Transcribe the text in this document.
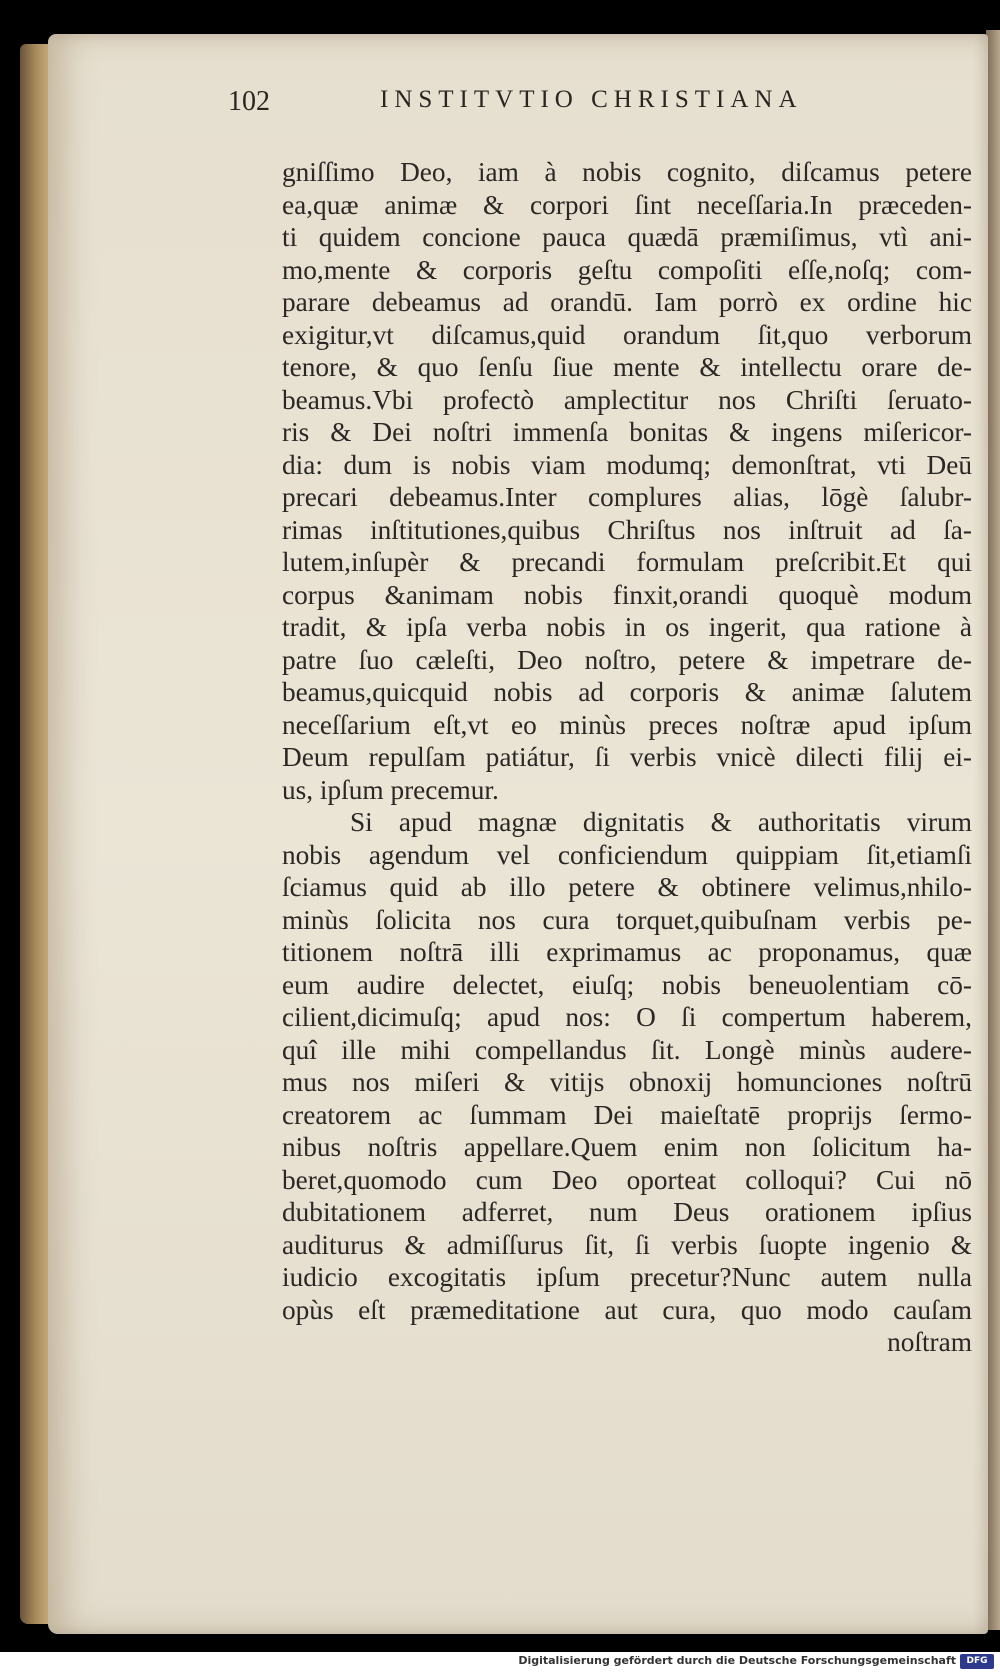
102	INSTITVTIO CHRISTIANA
gniſſimo Deo, iam à nobis cognito, diſcamus petere
ea,quæ animæ & corpori ſint neceſſaria.In præceden-
ti quidem concione pauca quædā præmiſimus, vtì ani-
mo,mente & corporis geſtu compoſiti eſſe,noſq; com-
parare debeamus ad orandū. Iam porrò ex ordine hic
exigitur,vt diſcamus,quid orandum ſit,quo verborum
tenore, & quo ſenſu ſiue mente & intellectu orare de-
beamus.Vbi profectò amplectitur nos Chriſti ſeruato-
ris & Dei noſtri immenſa bonitas & ingens miſericor-
dia: dum is nobis viam modumq; demonſtrat, vti Deū
precari debeamus.Inter complures alias, lōgè ſalubr-
rimas inſtitutiones,quibus Chriſtus nos inſtruit ad ſa-
lutem,inſupèr & precandi formulam preſcribit.Et qui
corpus &animam nobis finxit,orandi quoquè modum
tradit, & ipſa verba nobis in os ingerit, qua ratione à
patre ſuo cæleſti, Deo noſtro, petere & impetrare de-
beamus,quicquid nobis ad corporis & animæ ſalutem
neceſſarium eſt,vt eo minùs preces noſtræ apud ipſum
Deum repulſam patiátur, ſi verbis vnicè dilecti filij ei-
us, ipſum precemur.
Si apud magnæ dignitatis & authoritatis virum
nobis agendum vel conficiendum quippiam ſit,etiamſi
ſciamus quid ab illo petere & obtinere velimus,nhilo-
minùs ſolicita nos cura torquet,quibuſnam verbis pe-
titionem noſtrā illi exprimamus ac proponamus, quæ
eum audire delectet, eiuſq; nobis beneuolentiam cō-
cilient,dicimuſq; apud nos: O ſi compertum haberem,
quî ille mihi compellandus ſit. Longè minùs audere-
mus nos miſeri & vitijs obnoxij homunciones noſtrū
creatorem ac ſummam Dei maieſtatē proprijs ſermo-
nibus noſtris appellare.Quem enim non ſolicitum ha-
beret,quomodo cum Deo oporteat colloqui? Cui nō
dubitationem adferret, num Deus orationem ipſius
auditurus & admiſſurus ſit, ſi verbis ſuopte ingenio &
iudicio excogitatis ipſum precetur?Nunc autem nulla
opùs eſt præmeditatione aut cura, quo modo cauſam
noſtram
Digitalisierung gefördert durch die Deutsche Forschungsgemeinschaft	DFG
